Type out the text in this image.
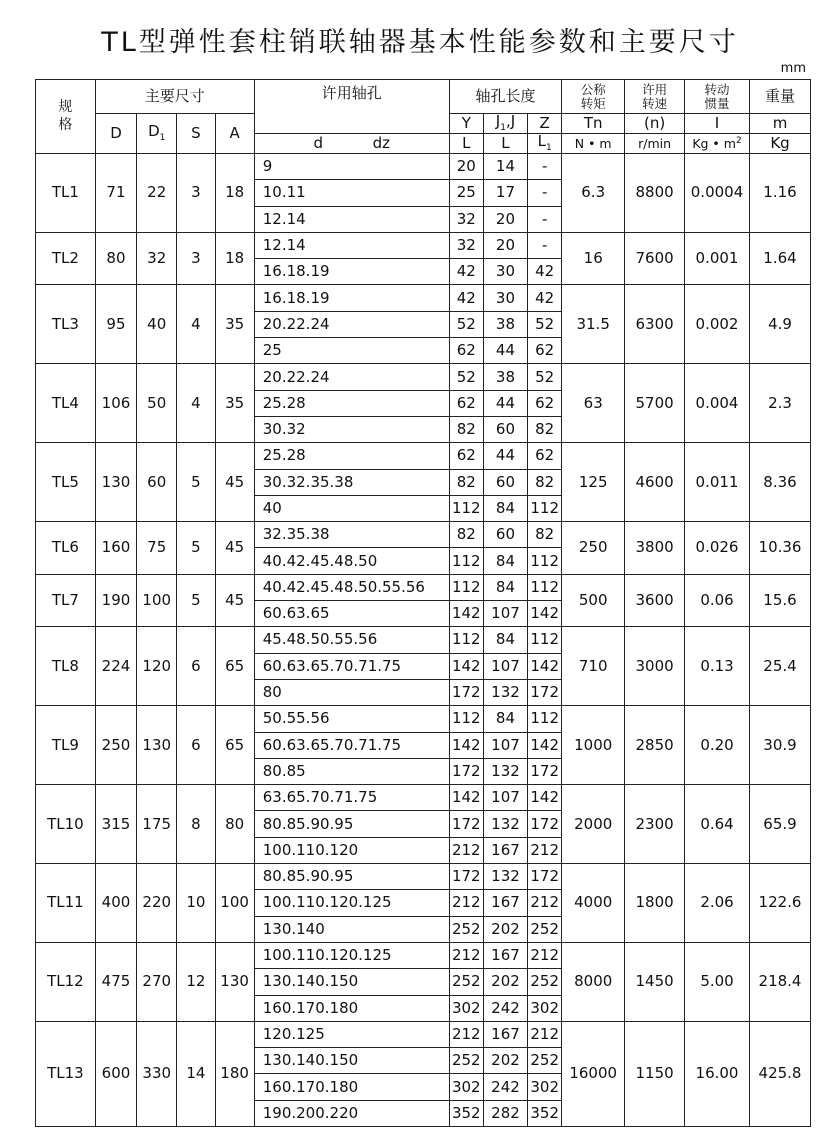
TL型弹性套柱销联轴器基本性能参数和主要尺寸
mm
规格	主要尺寸				许用轴孔	轴孔长度			公称转矩	许用转速	转动惯量	重量
	D	$D_1$	S	A		Y	$J_1,J$	Z	Tn	(n)	I	m
					d dz	L	L	$L_1$	N • m	r/min	Kg • $m^2$	Kg
TL1	71	22	3	18	9	20	14	-	6.3	8800	0.0004	1.16
					10.11	25	17	-				
					12.14	32	20	-				
TL2	80	32	3	18	12.14	32	20	-	16	7600	0.001	1.64
					16.18.19	42	30	42				
TL3	95	40	4	35	16.18.19	42	30	42	31.5	6300	0.002	4.9
					20.22.24	52	38	52				
					25	62	44	62				
TL4	106	50	4	35	20.22.24	52	38	52	63	5700	0.004	2.3
					25.28	62	44	62				
					30.32	82	60	82				
TL5	130	60	5	45	25.28	62	44	62	125	4600	0.011	8.36
					30.32.35.38	82	60	82				
					40	112	84	112				
TL6	160	75	5	45	32.35.38	82	60	82	250	3800	0.026	10.36
					40.42.45.48.50	112	84	112				
TL7	190	100	5	45	40.42.45.48.50.55.56	112	84	112	500	3600	0.06	15.6
					60.63.65	142	107	142				
TL8	224	120	6	65	45.48.50.55.56	112	84	112	710	3000	0.13	25.4
					60.63.65.70.71.75	142	107	142				
					80	172	132	172				
TL9	250	130	6	65	50.55.56	112	84	112	1000	2850	0.20	30.9
					60.63.65.70.71.75	142	107	142				
					80.85	172	132	172				
TL10	315	175	8	80	63.65.70.71.75	142	107	142	2000	2300	0.64	65.9
					80.85.90.95	172	132	172				
					100.110.120	212	167	212				
TL11	400	220	10	100	80.85.90.95	172	132	172	4000	1800	2.06	122.6
					100.110.120.125	212	167	212				
					130.140	252	202	252				
TL12	475	270	12	130	100.110.120.125	212	167	212	8000	1450	5.00	218.4
					130.140.150	252	202	252				
					160.170.180	302	242	302				
TL13	600	330	14	180	120.125	212	167	212	16000	1150	16.00	425.8
					130.140.150	252	202	252				
					160.170.180	302	242	302				
					190.200.220	352	282	352				
